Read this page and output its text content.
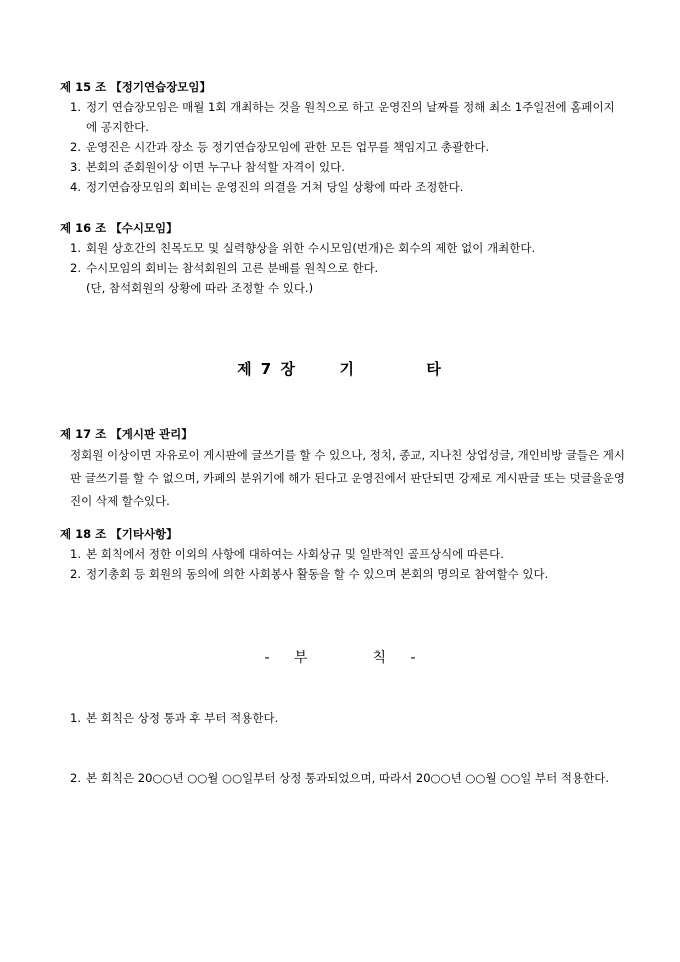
제 15 조 【정기연습장모임】

1. 정기 연습장모임은 매월 1회 개최하는 것을 원칙으로 하고 운영진의 날짜를 정해 최소 1주일전에 홈페이지에 공지한다.
2. 운영진은 시간과 장소 등 정기연습장모임에 관한 모든 업무를 책임지고 총괄한다.
3. 본회의 준회원이상 이면 누구나 참석할 자격이 있다.
4. 정기연습장모임의 회비는 운영진의 의결을 거쳐 당일 상황에 따라 조정한다.

제 16 조 【수시모임】

1. 회원 상호간의 친목도모 및 실력향상을 위한 수시모임(번개)은 회수의 제한 없이 개최한다.
2. 수시모임의 회비는 참석회원의 고른 분배를 원칙으로 한다.
(단, 참석회원의 상황에 따라 조정할 수 있다.)
제 7 장	기	타

제 17 조 【게시판 관리】

정회원 이상이면 자유로이 게시판에 글쓰기를 할 수 있으나, 정치, 종교, 지나친 상업성글, 개인비방 글들은 게시판 글쓰기를 할 수 없으며, 카페의 분위기에 해가 된다고 운영진에서 판단되면 강제로 게시판글 또는 덧글을운영진이 삭제 할수있다.

제 18 조 【기타사항】

1. 본 회칙에서 정한 이외의 사항에 대하여는 사회상규 및 일반적인 골프상식에 따른다.
2. 정기총회 등 회원의 동의에 의한 사회봉사 활동을 할 수 있으며 본회의 명의로 참여할수 있다.
- 부	칙 -
1. 본 회칙은 상정 통과 후 부터 적용한다.
2. 본 회칙은 20○○년 ○○월 ○○일부터 상정 통과되었으며, 따라서 20○○년 ○○월 ○○일 부터 적용한다.
